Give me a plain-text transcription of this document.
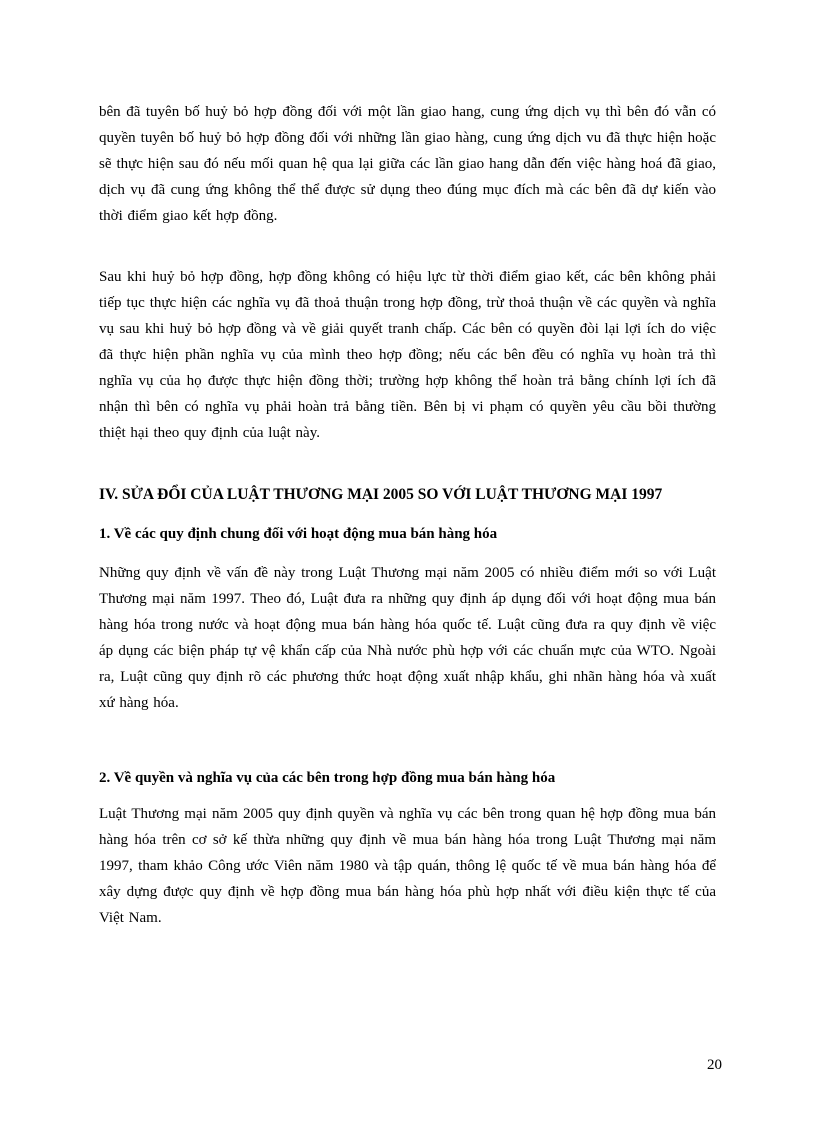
bên đã tuyên bố huỷ bỏ hợp đồng đối với một lần giao hang, cung ứng dịch vụ thì bên đó vẫn có quyền tuyên bố huỷ bỏ hợp đồng đối với những lần giao hàng, cung ứng dịch vu đã thực hiện hoặc sẽ thực hiện sau đó nếu mối quan hệ qua lại giữa các lần giao hang dẫn đến việc hàng hoá đã giao, dịch vụ đã cung ứng không thể thể được sử dụng theo đúng mục đích mà các bên đã dự kiến vào thời điểm giao kết hợp đồng.

Sau khi huỷ bỏ hợp đồng, hợp đồng không có hiệu lực từ thời điểm giao kết, các bên không phải tiếp tục thực hiện các nghĩa vụ đã thoả thuận trong hợp đồng, trừ thoả thuận về các quyền và nghĩa vụ sau khi huỷ bỏ hợp đồng và về giải quyết tranh chấp. Các bên có quyền đòi lại lợi ích do việc đã thực hiện phần nghĩa vụ của mình theo hợp đồng; nếu các bên đều có nghĩa vụ hoàn trả thì nghĩa vụ của họ được thực hiện đồng thời; trường hợp không thể hoàn trả bằng chính lợi ích đã nhận thì bên có nghĩa vụ phải hoàn trả bằng tiền. Bên bị vi phạm có quyền yêu cầu bồi thường thiệt hại theo quy định của luật này.

IV. SỬA ĐỔI CỦA LUẬT THƯƠNG MẠI 2005 SO VỚI LUẬT THƯƠNG MẠI 1997
1. Về các quy định chung đối với hoạt động mua bán hàng hóa

Những quy định về vấn đề này trong Luật Thương mại năm 2005 có nhiều điểm mới so với Luật Thương mại năm 1997. Theo đó, Luật đưa ra những quy định áp dụng đối với hoạt động mua bán hàng hóa trong nước và hoạt động mua bán hàng hóa quốc tế. Luật cũng đưa ra quy định về việc áp dụng các biện pháp tự vệ khẩn cấp của Nhà nước phù hợp với các chuẩn mực của WTO. Ngoài ra, Luật cũng quy định rõ các phương thức hoạt động xuất nhập khẩu, ghi nhãn hàng hóa và xuất xứ hàng hóa.

2. Về quyền và nghĩa vụ của các bên trong hợp đồng mua bán hàng hóa

Luật Thương mại năm 2005 quy định quyền và nghĩa vụ các bên trong quan hệ hợp đồng mua bán hàng hóa trên cơ sở kế thừa những quy định về mua bán hàng hóa trong Luật Thương mại năm 1997, tham khảo Công ước Viên năm 1980 và tập quán, thông lệ quốc tế về mua bán hàng hóa để xây dựng được quy định về hợp đồng mua bán hàng hóa phù hợp nhất với điều kiện thực tế của Việt Nam.

20
